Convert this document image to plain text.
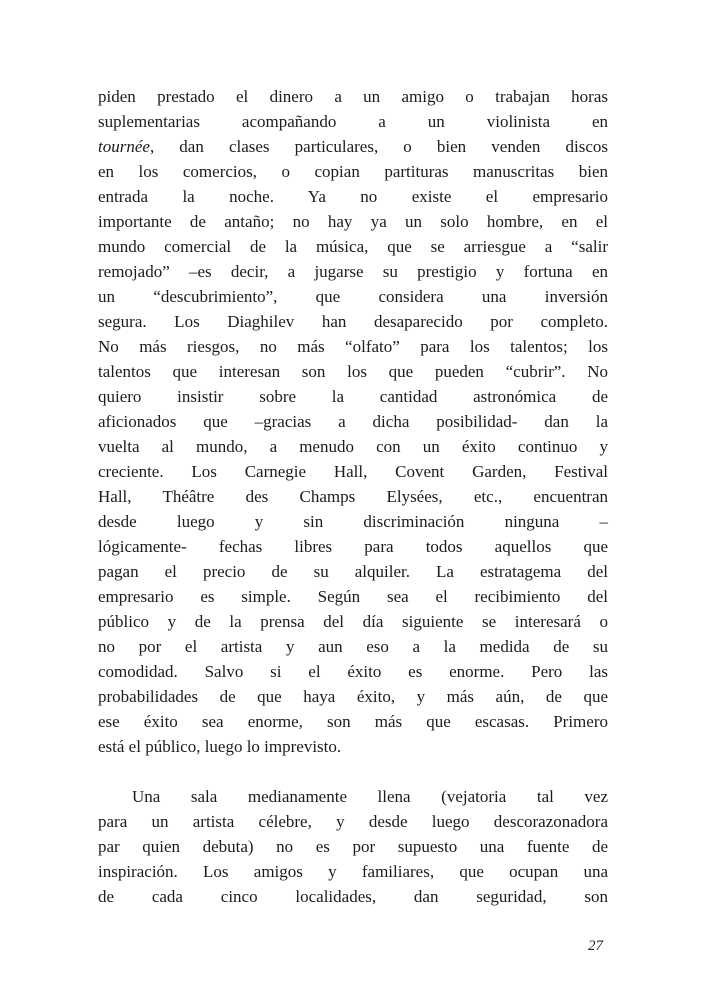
piden prestado el dinero a un amigo o trabajan horas
suplementarias acompañando a un violinista en
tournée, dan clases particulares, o bien venden discos
en los comercios, o copian partituras manuscritas bien
entrada la noche. Ya no existe el empresario
importante de antaño; no hay ya un solo hombre, en el
mundo comercial de la música, que se arriesgue a “salir
remojado” –es decir, a jugarse su prestigio y fortuna en
un “descubrimiento”, que considera una inversión
segura. Los Diaghilev han desaparecido por completo.
No más riesgos, no más “olfato” para los talentos; los
talentos que interesan son los que pueden “cubrir”. No
quiero insistir sobre la cantidad astronómica de
aficionados que –gracias a dicha posibilidad- dan la
vuelta al mundo, a menudo con un éxito continuo y
creciente. Los Carnegie Hall, Covent Garden, Festival
Hall, Théâtre des Champs Elysées, etc., encuentran
desde luego y sin discriminación ninguna –
lógicamente- fechas libres para todos aquellos que
pagan el precio de su alquiler. La estratagema del
empresario es simple. Según sea el recibimiento del
público y de la prensa del día siguiente se interesará o
no por el artista y aun eso a la medida de su
comodidad. Salvo si el éxito es enorme. Pero las
probabilidades de que haya éxito, y más aún, de que
ese éxito sea enorme, son más que escasas. Primero
está el público, luego lo imprevisto.
Una sala medianamente llena (vejatoria tal vez
para un artista célebre, y desde luego descorazonadora
par quien debuta) no es por supuesto una fuente de
inspiración. Los amigos y familiares, que ocupan una
de cada cinco localidades, dan seguridad, son
27
